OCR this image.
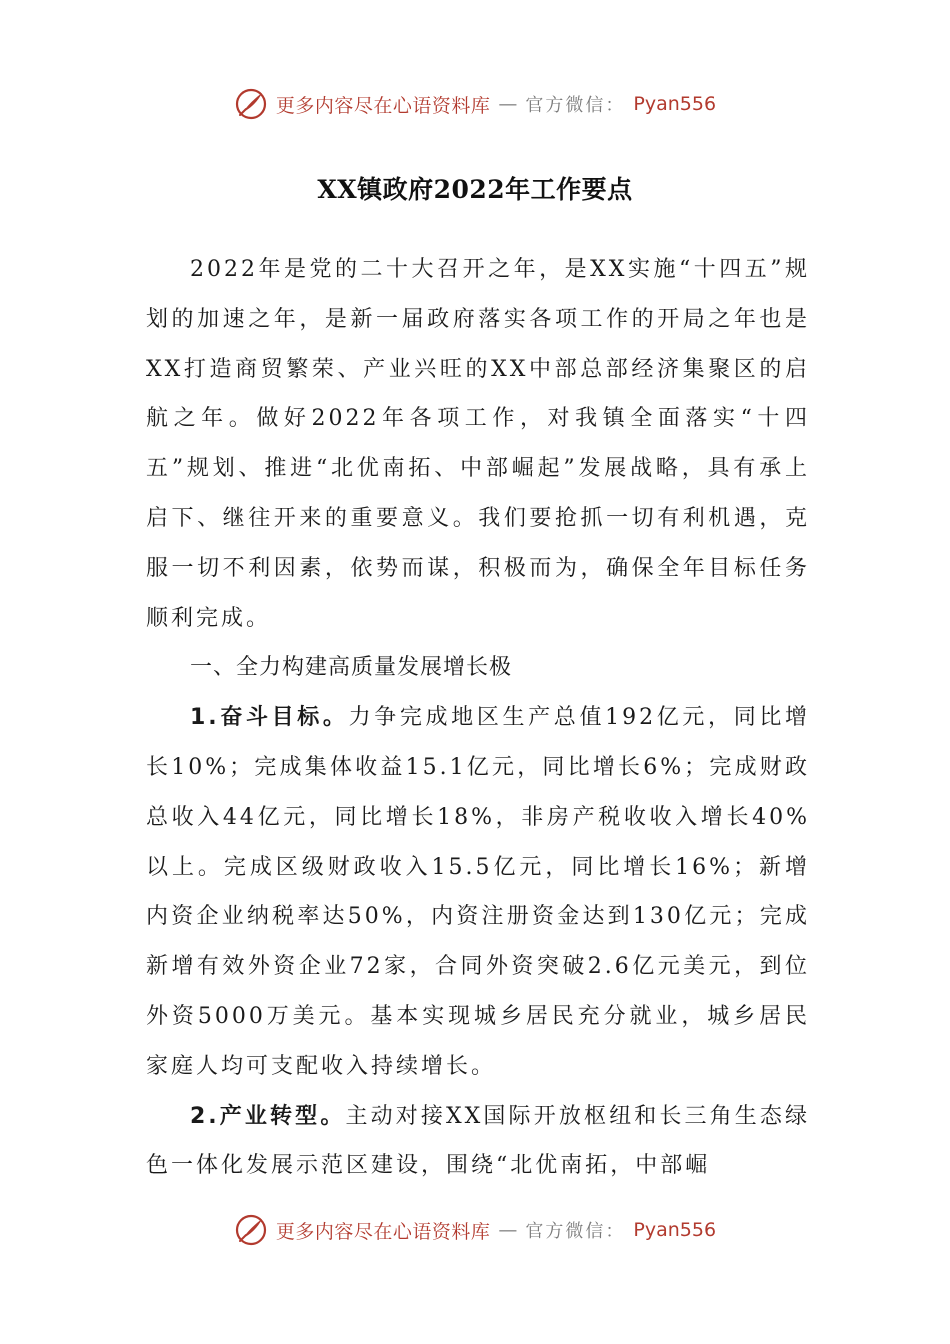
更多内容尽在心语资料库 — 官方微信： Pyan556
XX镇政府2022年工作要点

2022年是党的二十大召开之年，是XX实施“十四五”规划的加速之年，是新一届政府落实各项工作的开局之年也是XX打造商贸繁荣、产业兴旺的XX中部总部经济集聚区的启航之年。做好2022年各项工作，对我镇全面落实“十四五”规划、推进“北优南拓、中部崛起”发展战略，具有承上启下、继往开来的重要意义。我们要抢抓一切有利机遇，克服一切不利因素，依势而谋，积极而为，确保全年目标任务顺利完成。

一、全力构建高质量发展增长极

1.奋斗目标。力争完成地区生产总值192亿元，同比增长10%；完成集体收益15.1亿元，同比增长6%；完成财政总收入44亿元，同比增长18%，非房产税收收入增长40%以上。完成区级财政收入15.5亿元，同比增长16%；新增内资企业纳税率达50%，内资注册资金达到130亿元；完成新增有效外资企业72家，合同外资突破2.6亿元美元，到位外资5000万美元。基本实现城乡居民充分就业，城乡居民家庭人均可支配收入持续增长。

2.产业转型。主动对接XX国际开放枢纽和长三角生态绿色一体化发展示范区建设，围绕“北优南拓，中部崛

更多内容尽在心语资料库 — 官方微信： Pyan556
